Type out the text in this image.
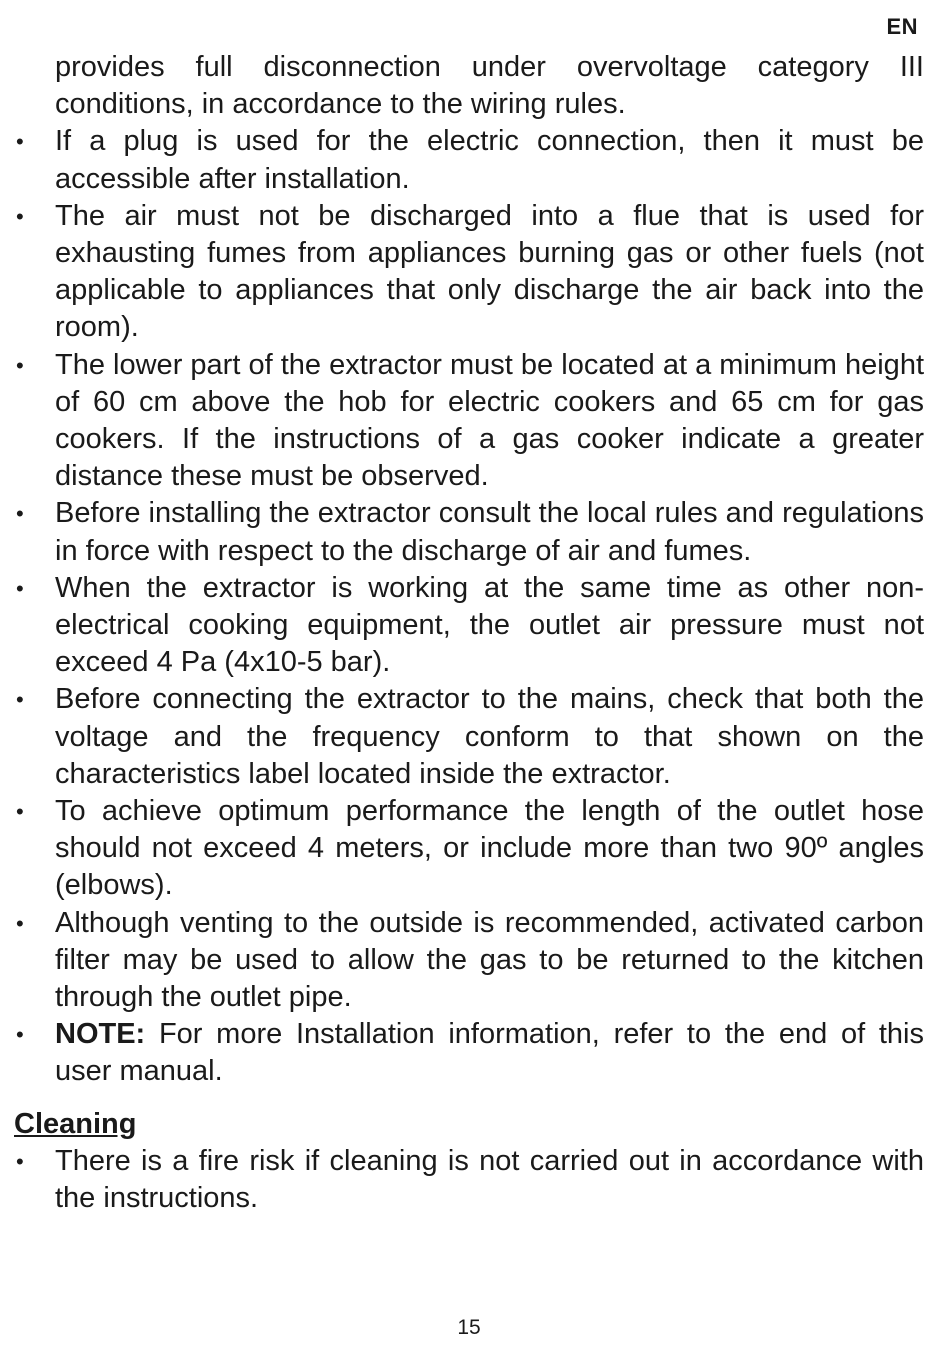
EN
provides full disconnection under overvoltage category III conditions, in accordance to the wiring rules.
•	If a plug is used for the electric connection, then it must be accessible after installation.
•	The air must not be discharged into a flue that is used for exhausting fumes from appliances burning gas or other fuels (not applicable to appliances that only discharge the air back into the room).
•	The lower part of the extractor must be located at a minimum height of 60 cm above the hob for electric cookers and 65 cm for gas cookers. If the instructions of a gas cooker indicate a greater distance these must be observed.
•	Before installing the extractor consult the local rules and regulations in force with respect to the discharge of air and fumes.
•	When the extractor is working at the same time as other non-electrical cooking equipment, the outlet air pressure must not exceed 4 Pa (4x10-5 bar).
•	Before connecting the extractor to the mains, check that both the voltage and the frequency conform to that shown on the characteristics label located inside the extractor.
•	To achieve optimum performance the length of the outlet hose should not exceed 4 meters, or include more than two 90º angles (elbows).
•	Although venting to the outside is recommended, activated carbon filter may be used to allow the gas to be returned to the kitchen through the outlet pipe.
•	NOTE: For more Installation information, refer to the end of this user manual.
Cleaning
•	There is a fire risk if cleaning is not carried out in accordance with the instructions.
15
